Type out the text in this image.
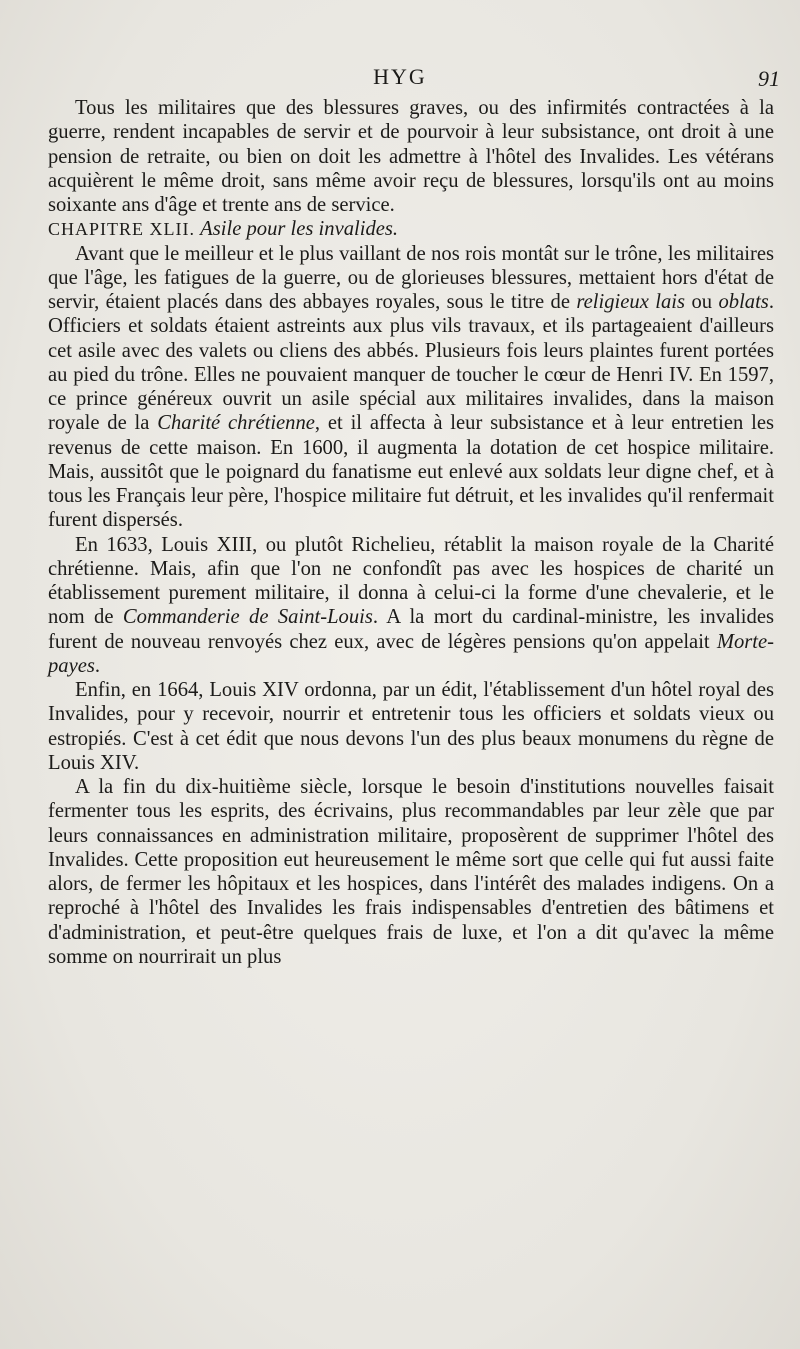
HYG	91

Tous les militaires que des blessures graves, ou des infirmités contractées à la guerre, rendent incapables de servir et de pourvoir à leur subsistance, ont droit à une pension de retraite, ou bien on doit les admettre à l'hôtel des Invalides. Les vétérans acquièrent le même droit, sans même avoir reçu de blessures, lorsqu'ils ont au moins soixante ans d'âge et trente ans de service.

CHAPITRE XLII. Asile pour les invalides.

Avant que le meilleur et le plus vaillant de nos rois montât sur le trône, les militaires que l'âge, les fatigues de la guerre, ou de glorieuses blessures, mettaient hors d'état de servir, étaient placés dans des abbayes royales, sous le titre de religieux lais ou oblats. Officiers et soldats étaient astreints aux plus vils travaux, et ils partageaient d'ailleurs cet asile avec des valets ou cliens des abbés. Plusieurs fois leurs plaintes furent portées au pied du trône. Elles ne pouvaient manquer de toucher le cœur de Henri IV. En 1597, ce prince généreux ouvrit un asile spécial aux militaires invalides, dans la maison royale de la Charité chrétienne, et il affecta à leur subsistance et à leur entretien les revenus de cette maison. En 1600, il augmenta la dotation de cet hospice militaire. Mais, aussitôt que le poignard du fanatisme eut enlevé aux soldats leur digne chef, et à tous les Français leur père, l'hospice militaire fut détruit, et les invalides qu'il renfermait furent dispersés.

En 1633, Louis XIII, ou plutôt Richelieu, rétablit la maison royale de la Charité chrétienne. Mais, afin que l'on ne confondît pas avec les hospices de charité un établissement purement militaire, il donna à celui-ci la forme d'une chevalerie, et le nom de Commanderie de Saint-Louis. A la mort du cardinal-ministre, les invalides furent de nouveau renvoyés chez eux, avec de légères pensions qu'on appelait Morte-payes.

Enfin, en 1664, Louis XIV ordonna, par un édit, l'établissement d'un hôtel royal des Invalides, pour y recevoir, nourrir et entretenir tous les officiers et soldats vieux ou estropiés. C'est à cet édit que nous devons l'un des plus beaux monumens du règne de Louis XIV.

A la fin du dix-huitième siècle, lorsque le besoin d'institutions nouvelles faisait fermenter tous les esprits, des écrivains, plus recommandables par leur zèle que par leurs connaissances en administration militaire, proposèrent de supprimer l'hôtel des Invalides. Cette proposition eut heureusement le même sort que celle qui fut aussi faite alors, de fermer les hôpitaux et les hospices, dans l'intérêt des malades indigens. On a reproché à l'hôtel des Invalides les frais indispensables d'entretien des bâtimens et d'administration, et peut-être quelques frais de luxe, et l'on a dit qu'avec la même somme on nourrirait un plus
